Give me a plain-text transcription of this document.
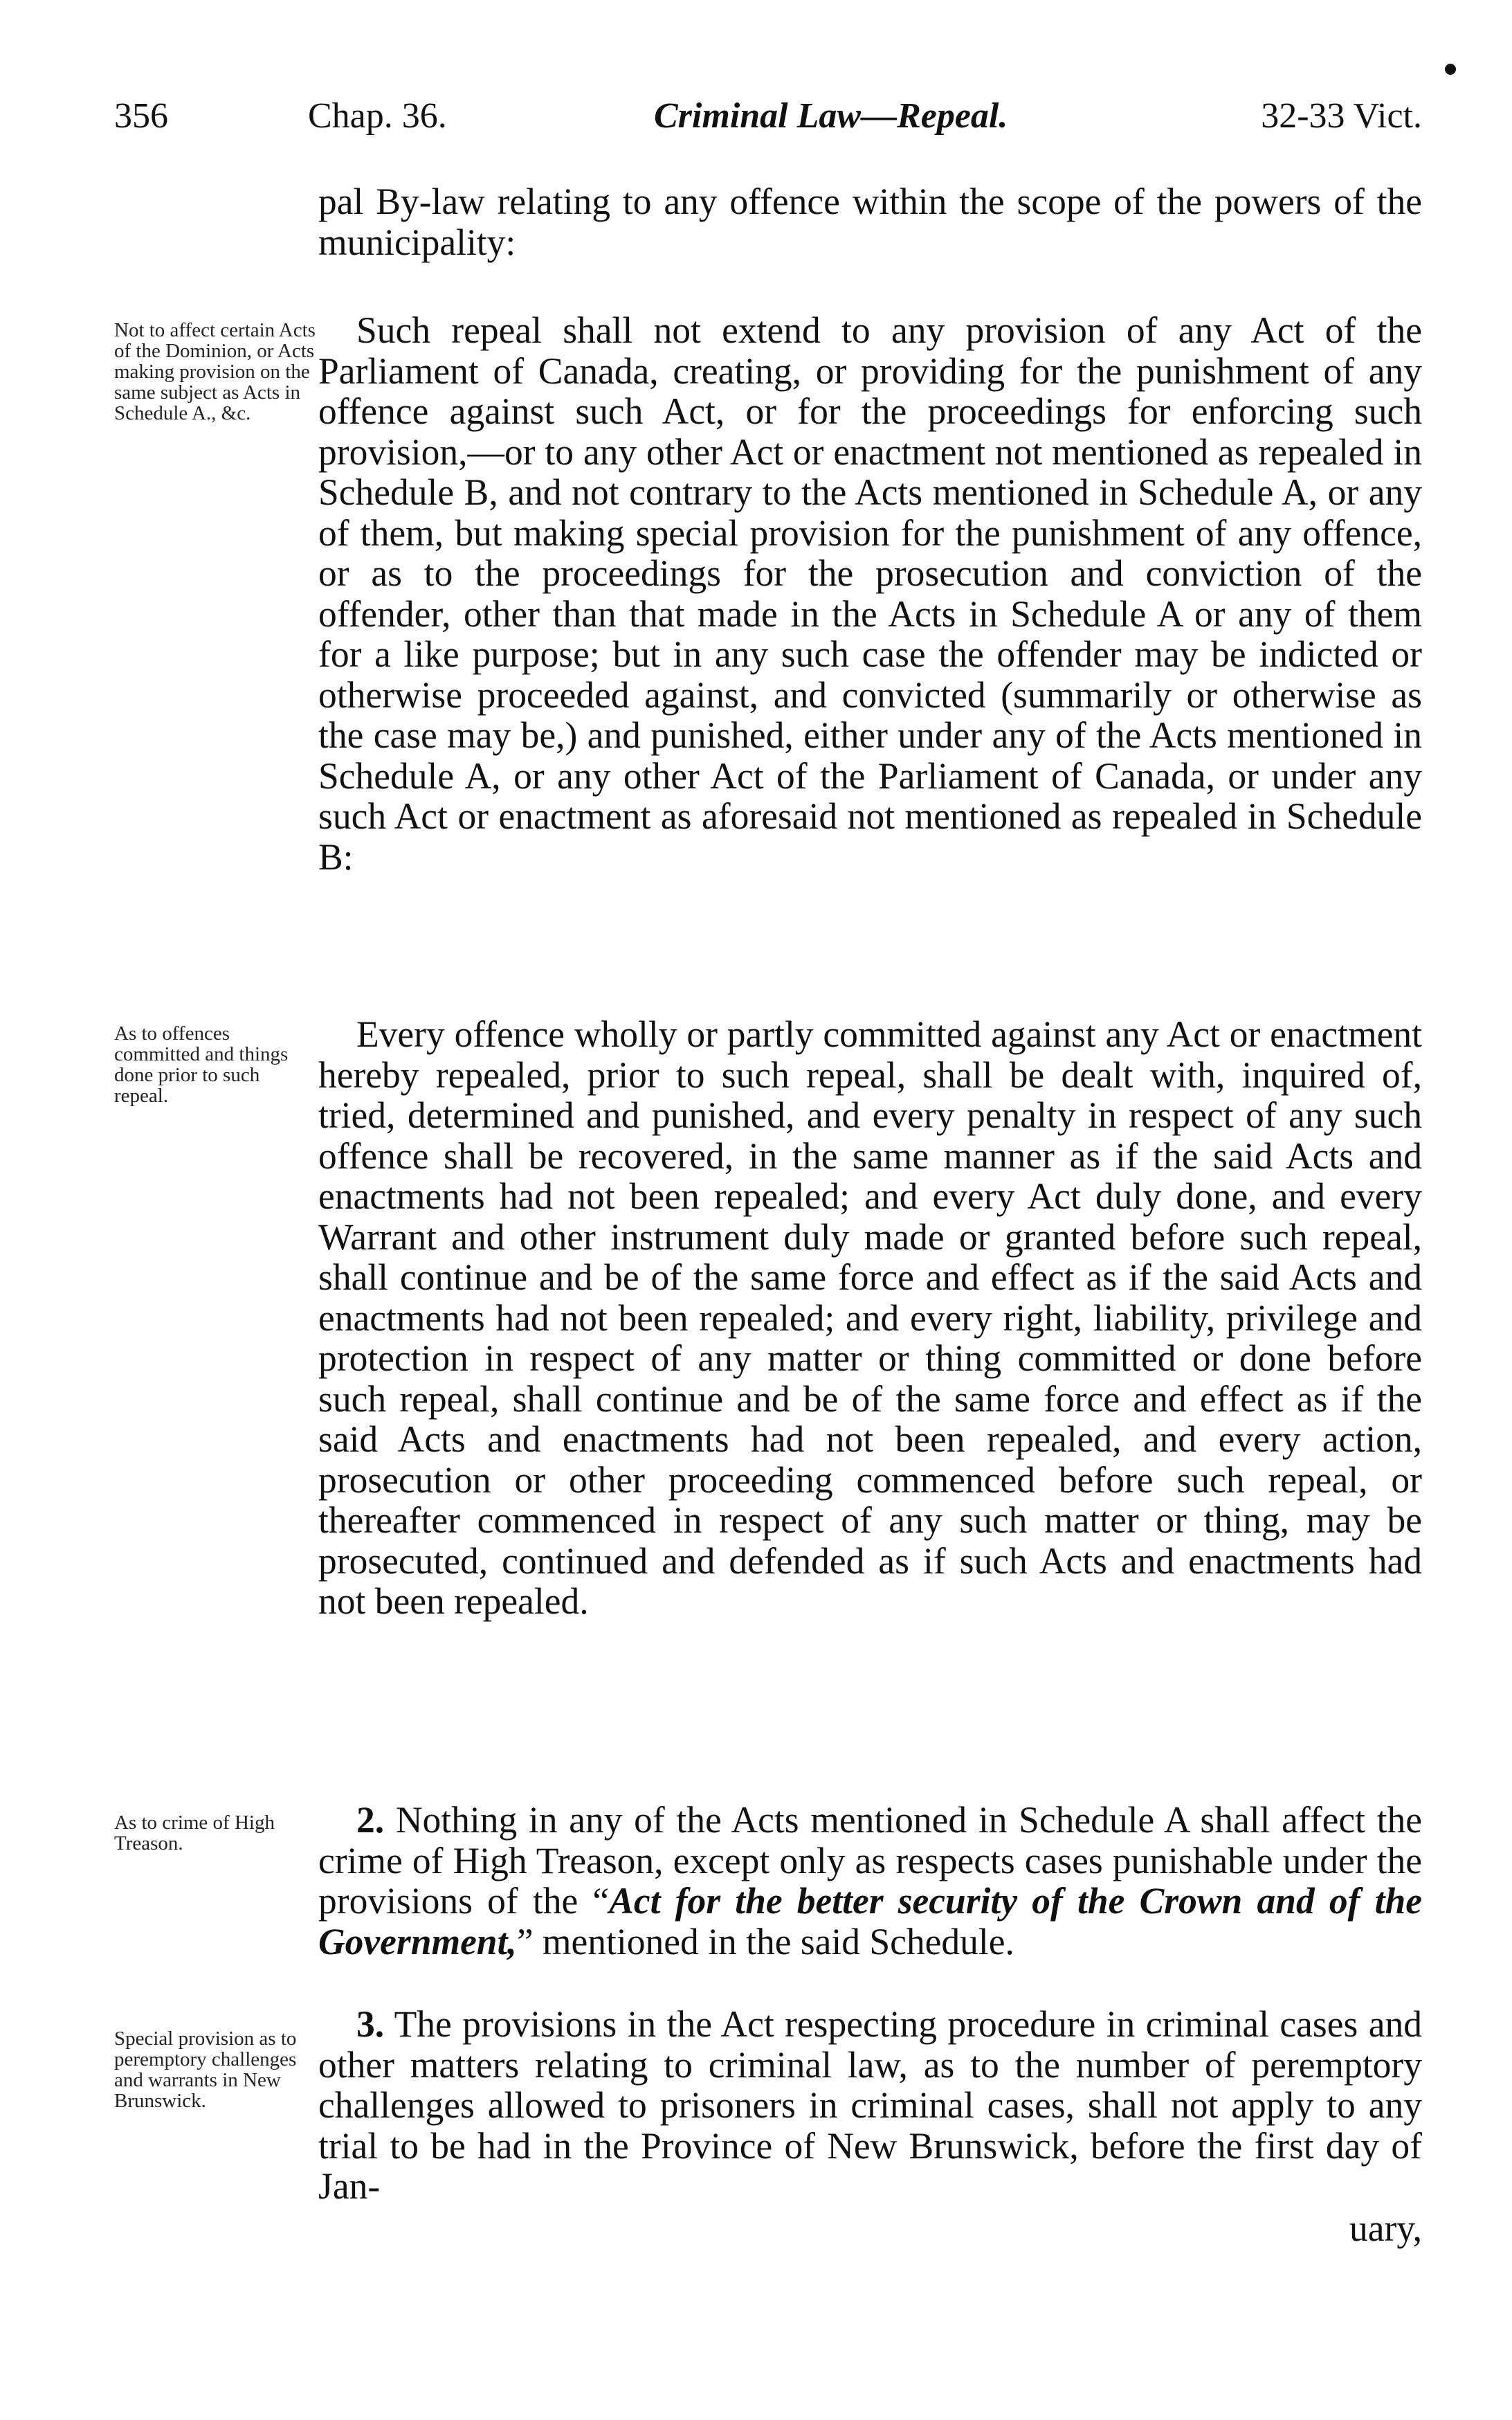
356	Chap. 36.	Criminal Law—Repeal.	32-33 Vict.
pal By-law relating to any offence within the scope of the powers of the municipality:
Not to affect certain Acts of the Dominion, or Acts making provision on the same subject as Acts in Schedule A., &c.
Such repeal shall not extend to any provision of any Act of the Parliament of Canada, creating, or providing for the punishment of any offence against such Act, or for the proceedings for enforcing such provision,—or to any other Act or enactment not mentioned as repealed in Schedule B, and not contrary to the Acts mentioned in Schedule A, or any of them, but making special provision for the punishment of any offence, or as to the proceedings for the prosecution and conviction of the offender, other than that made in the Acts in Schedule A or any of them for a like purpose; but in any such case the offender may be indicted or otherwise proceeded against, and convicted (summarily or otherwise as the case may be,) and punished, either under any of the Acts mentioned in Schedule A, or any other Act of the Parliament of Canada, or under any such Act or enactment as aforesaid not mentioned as repealed in Schedule B:
As to offences committed and things done prior to such repeal.
Every offence wholly or partly committed against any Act or enactment hereby repealed, prior to such repeal, shall be dealt with, inquired of, tried, determined and punished, and every penalty in respect of any such offence shall be recovered, in the same manner as if the said Acts and enactments had not been repealed; and every Act duly done, and every Warrant and other instrument duly made or granted before such repeal, shall continue and be of the same force and effect as if the said Acts and enactments had not been repealed; and every right, liability, privilege and protection in respect of any matter or thing committed or done before such repeal, shall continue and be of the same force and effect as if the said Acts and enactments had not been repealed, and every action, prosecution or other proceeding commenced before such repeal, or thereafter commenced in respect of any such matter or thing, may be prosecuted, continued and defended as if such Acts and enactments had not been repealed.
As to crime of High Treason.
2. Nothing in any of the Acts mentioned in Schedule A shall affect the crime of High Treason, except only as respects cases punishable under the provisions of the “Act for the better security of the Crown and of the Government,” mentioned in the said Schedule.
Special provision as to peremptory challenges and warrants in New Brunswick.
3. The provisions in the Act respecting procedure in criminal cases and other matters relating to criminal law, as to the number of peremptory challenges allowed to prisoners in criminal cases, shall not apply to any trial to be had in the Province of New Brunswick, before the first day of Jan-
uary,
